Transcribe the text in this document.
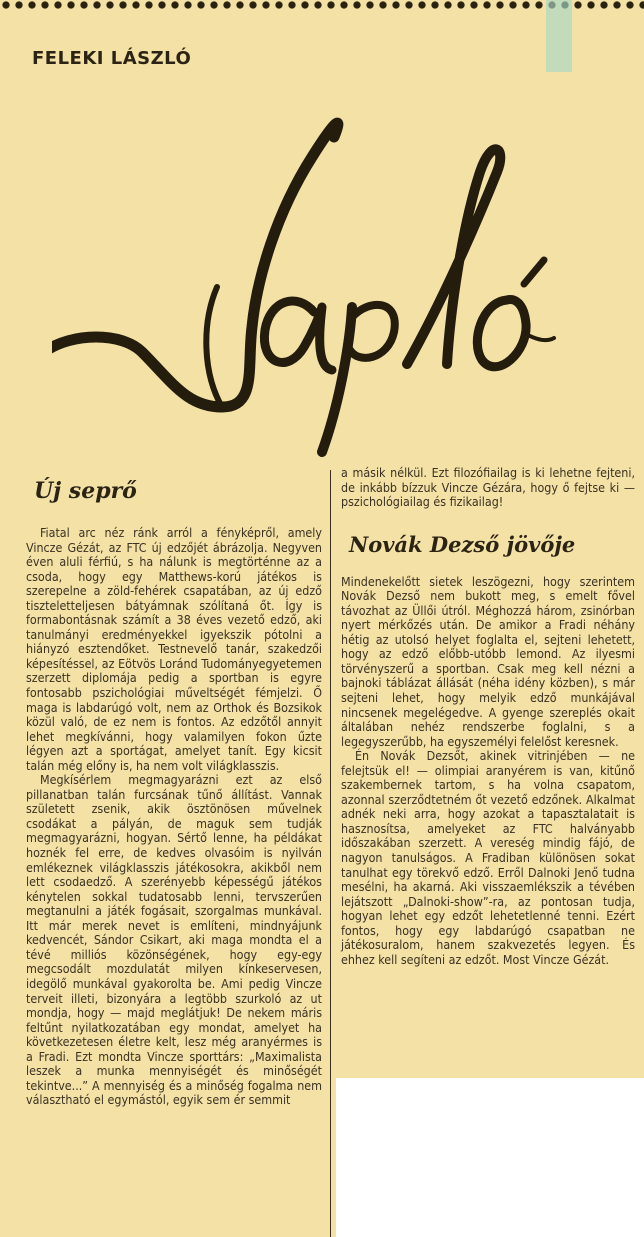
FELEKI LÁSZLÓ
Új seprő

Fiatal arc néz ránk arról a fényképről, amely Vincze Gézát, az FTC új edzőjét ábrázolja. Negyven éven aluli férfiú, s ha nálunk is megtörténne az a csoda, hogy egy Matthews-korú játékos is szerepelne a zöld-fehérek csapatában, az új edző tiszteletteljesen bátyámnak szólítaná őt. Így is formabontásnak számít a 38 éves vezető edző, aki tanulmányi eredményekkel igyekszik pótolni a hiányzó esztendőket. Testnevelő tanár, szakedzői képesítéssel, az Eötvös Loránd Tudományegyetemen szerzett diplomája pedig a sportban is egyre fontosabb pszichológiai műveltségét fémjelzi. Ő maga is labdarúgó volt, nem az Orthok és Bozsikok közül való, de ez nem is fontos. Az edzőtől annyit lehet megkívánni, hogy valamilyen fokon űzte légyen azt a sportágat, amelyet tanít. Egy kicsit talán még előny is, ha nem volt világklasszis.

Megkísérlem megmagyarázni ezt az első pillanatban talán furcsának tűnő állítást. Vannak született zsenik, akik ösztönösen művelnek csodákat a pályán, de maguk sem tudják megmagyarázni, hogyan. Sértő lenne, ha példákat hoznék fel erre, de kedves olvasóim is nyilván emlékeznek világklasszis játékosokra, akikből nem lett csodaedző. A szerényebb képességű játékos kénytelen sokkal tudatosabb lenni, tervszerűen megtanulni a játék fogásait, szorgalmas munkával. Itt már merek nevet is említeni, mindnyájunk kedvencét, Sándor Csikart, aki maga mondta el a tévé milliós közönségének, hogy egy-egy megcsodált mozdulatát milyen kínkeservesen, idegölő munkával gyakorolta be. Ami pedig Vincze terveit illeti, bizonyára a legtöbb szurkoló az ut mondja, hogy — majd meglátjuk! De nekem máris feltűnt nyilatkozatában egy mondat, amelyet ha következetesen életre kelt, lesz még aranyérmes is a Fradi. Ezt mondta Vincze sporttárs: „Maximalista leszek a munka mennyiségét és minőségét tekintve...” A mennyiség és a minőség fogalma nem választható el egymástól, egyik sem ér semmit

a másik nélkül. Ezt filozófiailag is ki lehetne fejteni, de inkább bízzuk Vincze Gézára, hogy ő fejtse ki — pszichológiailag és fizikailag!

Novák Dezső jövője

Mindenekelőtt sietek leszögezni, hogy szerintem Novák Dezső nem bukott meg, s emelt fővel távozhat az Üllői útról. Méghozzá három, zsinórban nyert mérkőzés után. De amikor a Fradi néhány hétig az utolsó helyet foglalta el, sejteni lehetett, hogy az edző előbb-utóbb lemond. Az ilyesmi törvényszerű a sportban. Csak meg kell nézni a bajnoki táblázat állását (néha idény közben), s már sejteni lehet, hogy melyik edző munkájával nincsenek megelégedve. A gyenge szereplés okait általában nehéz rendszerbe foglalni, s a legegyszerűbb, ha egyszemélyi felelőst keresnek.

Én Novák Dezsőt, akinek vitrinjében — ne felejtsük el! — olimpiai aranyérem is van, kitűnő szakembernek tartom, s ha volna csapatom, azonnal szerződtetném őt vezető edzőnek. Alkalmat adnék neki arra, hogy azokat a tapasztalatait is hasznosítsa, amelyeket az FTC halványabb időszakában szerzett. A vereség mindig fájó, de nagyon tanulságos. A Fradiban különösen sokat tanulhat egy törekvő edző. Erről Dalnoki Jenő tudna mesélni, ha akarná. Aki visszaemlékszik a tévében lejátszott „Dalnoki-show”-ra, az pontosan tudja, hogyan lehet egy edzőt lehetetlenné tenni. Ezért fontos, hogy egy labdarúgó csapatban ne játékosuralom, hanem szakvezetés legyen. És ehhez kell segíteni az edzőt. Most Vincze Gézát.
